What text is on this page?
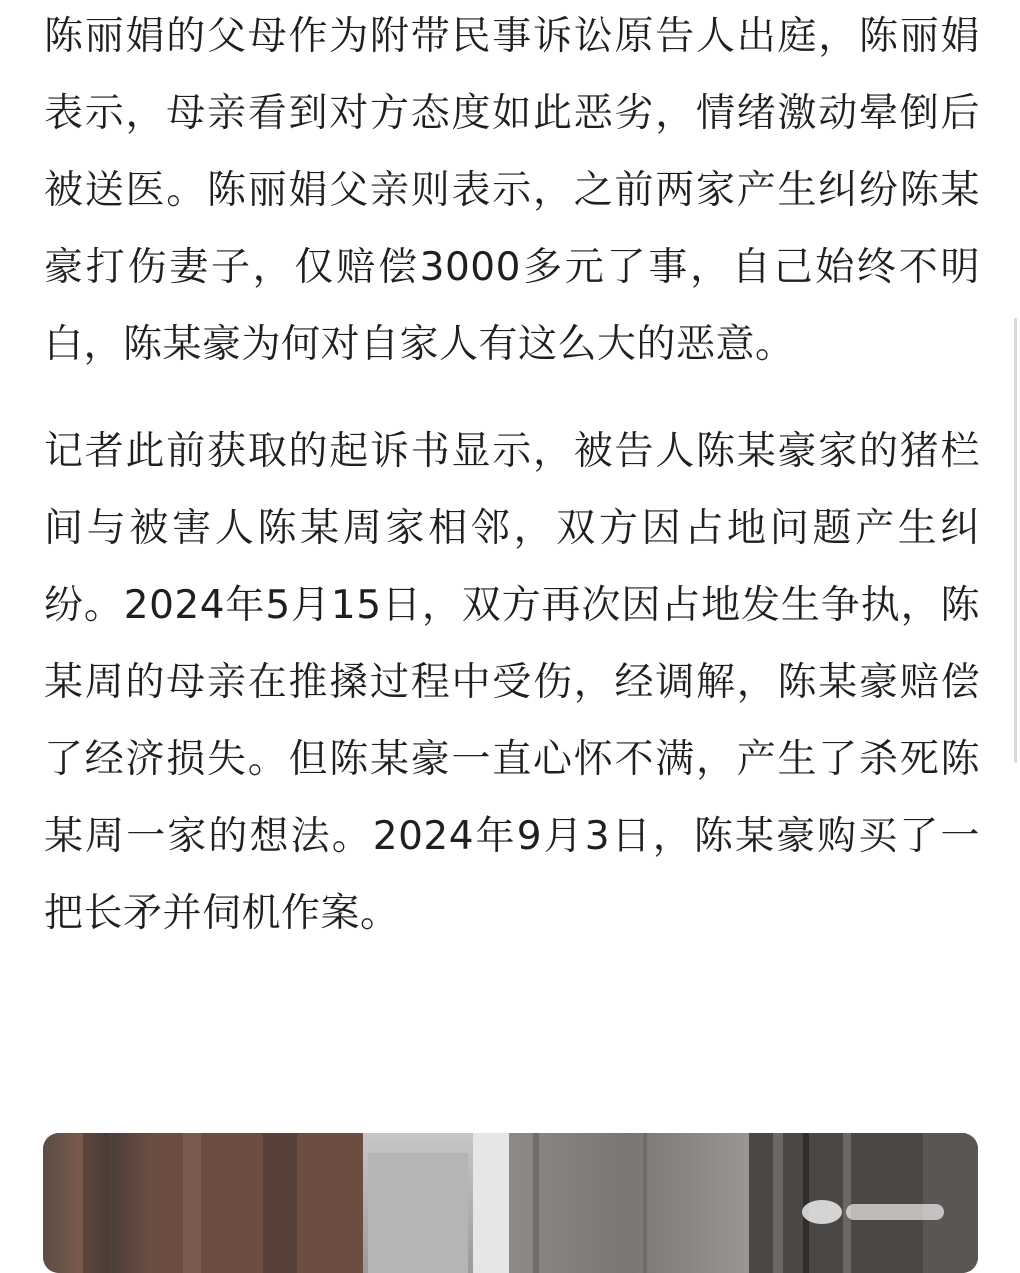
陈丽娟的父母作为附带民事诉讼原告人出庭，陈丽娟表示，母亲看到对方态度如此恶劣，情绪激动晕倒后被送医。陈丽娟父亲则表示，之前两家产生纠纷陈某豪打伤妻子，仅赔偿3000多元了事，自己始终不明白，陈某豪为何对自家人有这么大的恶意。

记者此前获取的起诉书显示，被告人陈某豪家的猪栏间与被害人陈某周家相邻，双方因占地问题产生纠纷。2024年5月15日，双方再次因占地发生争执，陈某周的母亲在推搡过程中受伤，经调解，陈某豪赔偿了经济损失。但陈某豪一直心怀不满，产生了杀死陈某周一家的想法。2024年9月3日，陈某豪购买了一把长矛并伺机作案。
